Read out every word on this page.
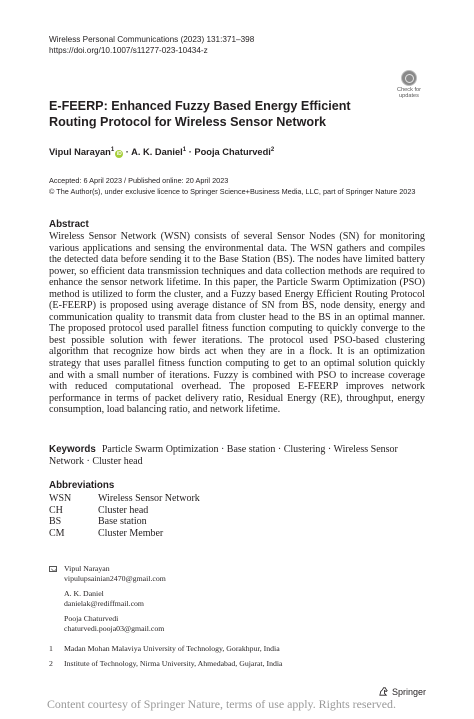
Wireless Personal Communications (2023) 131:371–398
https://doi.org/10.1007/s11277-023-10434-z
Check for
updates
E-FEERP: Enhanced Fuzzy Based Energy Efficient Routing Protocol for Wireless Sensor Network
Vipul Narayan$^1$iD · A. K. Daniel$^1$ · Pooja Chaturvedi$^2$
Accepted: 6 April 2023 / Published online: 20 April 2023
© The Author(s), under exclusive licence to Springer Science+Business Media, LLC, part of Springer Nature 2023
Abstract
Wireless Sensor Network (WSN) consists of several Sensor Nodes (SN) for monitoring various applications and sensing the environmental data. The WSN gathers and compiles the detected data before sending it to the Base Station (BS). The nodes have limited battery power, so efficient data transmission techniques and data collection methods are required to enhance the sensor network lifetime. In this paper, the Particle Swarm Optimization (PSO) method is utilized to form the cluster, and a Fuzzy based Energy Efficient Routing Protocol (E-FEERP) is proposed using average distance of SN from BS, node density, energy and communication quality to transmit data from cluster head to the BS in an optimal manner. The proposed protocol used parallel fitness function computing to quickly converge to the best possible solution with fewer iterations. The protocol used PSO-based clustering algorithm that recognize how birds act when they are in a flock. It is an optimization strategy that uses parallel fitness function computing to get to an optimal solution quickly and with a small number of iterations. Fuzzy is combined with PSO to increase coverage with reduced computational overhead. The proposed E-FEERP improves network performance in terms of packet delivery ratio, Residual Energy (RE), throughput, energy consumption, load balancing ratio, and network lifetime.
Keywords Particle Swarm Optimization · Base station · Clustering · Wireless Sensor Network · Cluster head
Abbreviations
WSN	Wireless Sensor Network
CH	Cluster head
BS	Base station
CM	Cluster Member
Vipul Narayan
vipulupsainian2470@gmail.com
A. K. Daniel
danielak@rediffmail.com
Pooja Chaturvedi
chaturvedi.pooja03@gmail.com
1	Madan Mohan Malaviya University of Technology, Gorakhpur, India
2	Institute of Technology, Nirma University, Ahmedabad, Gujarat, India
Springer
Content courtesy of Springer Nature, terms of use apply. Rights reserved.
